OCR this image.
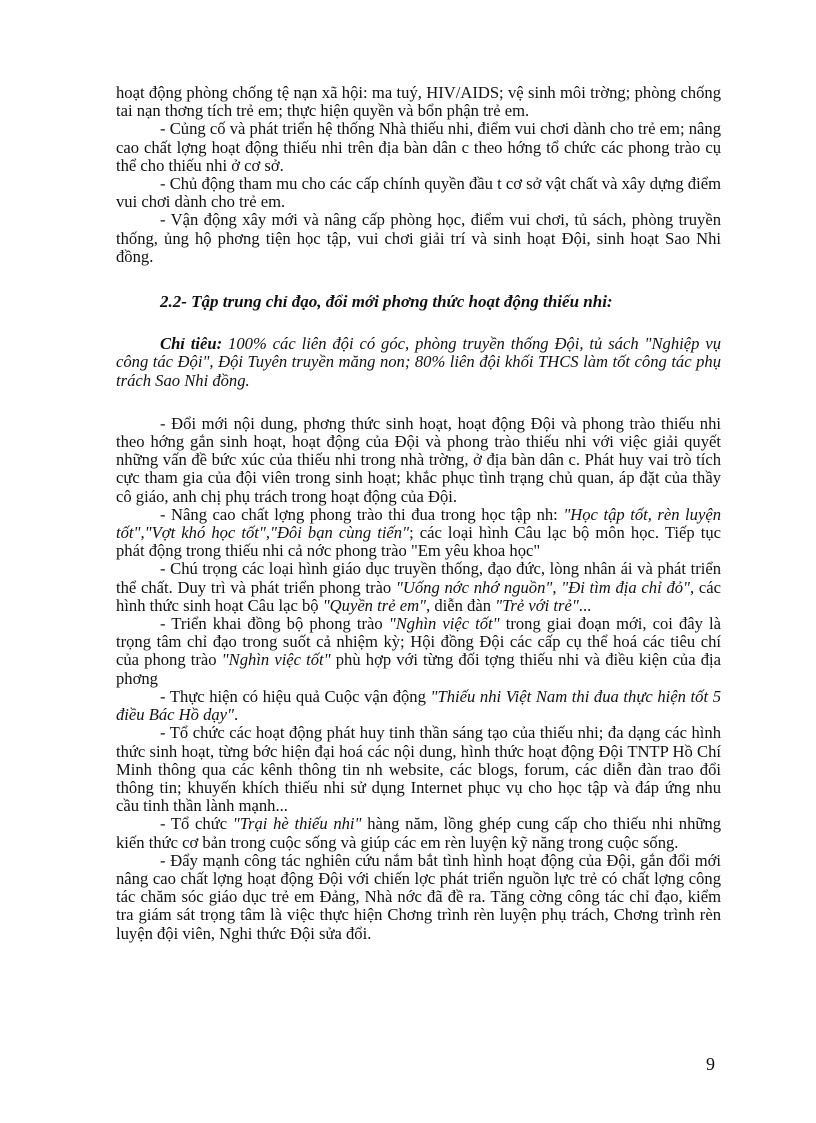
hoạt động phòng chống tệ nạn xã hội: ma tuý, HIV/AIDS; vệ sinh môi trờng; phòng chống tai nạn thơng tích trẻ em; thực hiện quyền và bổn phận trẻ em.

- Củng cố và phát triển hệ thống Nhà thiếu nhi, điểm vui chơi dành cho trẻ em; nâng cao chất lợng hoạt động thiếu nhi trên địa bàn dân c theo hớng tổ chức các phong trào cụ thể cho thiếu nhi ở cơ sở.

- Chủ động tham mu cho các cấp chính quyền đầu t cơ sở vật chất và xây dựng điểm vui chơi dành cho trẻ em.

- Vận động xây mới và nâng cấp phòng học, điểm vui chơi, tủ sách, phòng truyền thống, ủng hộ phơng tiện học tập, vui chơi giải trí và sinh hoạt Đội, sinh hoạt Sao Nhi đồng.

2.2- Tập trung chỉ đạo, đổi mới phơng thức hoạt động thiếu nhi:

Chỉ tiêu: 100% các liên đội có góc, phòng truyền thống Đội, tủ sách "Nghiệp vụ công tác Đội", Đội Tuyên truyền măng non; 80% liên đội khối THCS làm tốt công tác phụ trách Sao Nhi đồng.

- Đổi mới nội dung, phơng thức sinh hoạt, hoạt động Đội và phong trào thiếu nhi theo hớng gắn sinh hoạt, hoạt động của Đội và phong trào thiếu nhi với việc giải quyết những vấn đề bức xúc của thiếu nhi trong nhà trờng, ở địa bàn dân c. Phát huy vai trò tích cực tham gia của đội viên trong sinh hoạt; khắc phục tình trạng chủ quan, áp đặt của thầy cô giáo, anh chị phụ trách trong hoạt động của Đội.

- Nâng cao chất lợng phong trào thi đua trong học tập nh: "Học tập tốt, rèn luyện tốt","Vợt khó học tốt","Đôi bạn cùng tiến"; các loại hình Câu lạc bộ môn học. Tiếp tục phát động trong thiếu nhi cả nớc phong trào "Em yêu khoa học"

- Chú trọng các loại hình giáo dục truyền thống, đạo đức, lòng nhân ái và phát triển thể chất. Duy trì và phát triển phong trào "Uống nớc nhớ nguồn", "Đi tìm địa chỉ đỏ", các hình thức sinh hoạt Câu lạc bộ "Quyền trẻ em", diễn đàn "Trẻ với trẻ"...

- Triển khai đồng bộ phong trào "Nghìn việc tốt" trong giai đoạn mới, coi đây là trọng tâm chỉ đạo trong suốt cả nhiệm kỳ; Hội đồng Đội các cấp cụ thể hoá các tiêu chí của phong trào "Nghìn việc tốt" phù hợp với từng đối tợng thiếu nhi và điều kiện của địa phơng

- Thực hiện có hiệu quả Cuộc vận động "Thiếu nhi Việt Nam thi đua thực hiện tốt 5 điều Bác Hồ dạy".

- Tổ chức các hoạt động phát huy tinh thần sáng tạo của thiếu nhi; đa dạng các hình thức sinh hoạt, từng bớc hiện đại hoá các nội dung, hình thức hoạt động Đội TNTP Hồ Chí Minh thông qua các kênh thông tin nh website, các blogs, forum, các diễn đàn trao đổi thông tin; khuyến khích thiếu nhi sử dụng Internet phục vụ cho học tập và đáp ứng nhu cầu tinh thần lành mạnh...

- Tổ chức "Trại hè thiếu nhi" hàng năm, lồng ghép cung cấp cho thiếu nhi những kiến thức cơ bản trong cuộc sống và giúp các em rèn luyện kỹ năng trong cuộc sống.

- Đẩy mạnh công tác nghiên cứu nắm bắt tình hình hoạt động của Đội, gắn đổi mới nâng cao chất lợng hoạt động Đội với chiến lợc phát triển nguồn lực trẻ có chất lợng công tác chăm sóc giáo dục trẻ em Đảng, Nhà nớc đã đề ra. Tăng cờng công tác chỉ đạo, kiểm tra giám sát trọng tâm là việc thực hiện Chơng trình rèn luyện phụ trách, Chơng trình rèn luyện đội viên, Nghi thức Đội sửa đổi.

9
